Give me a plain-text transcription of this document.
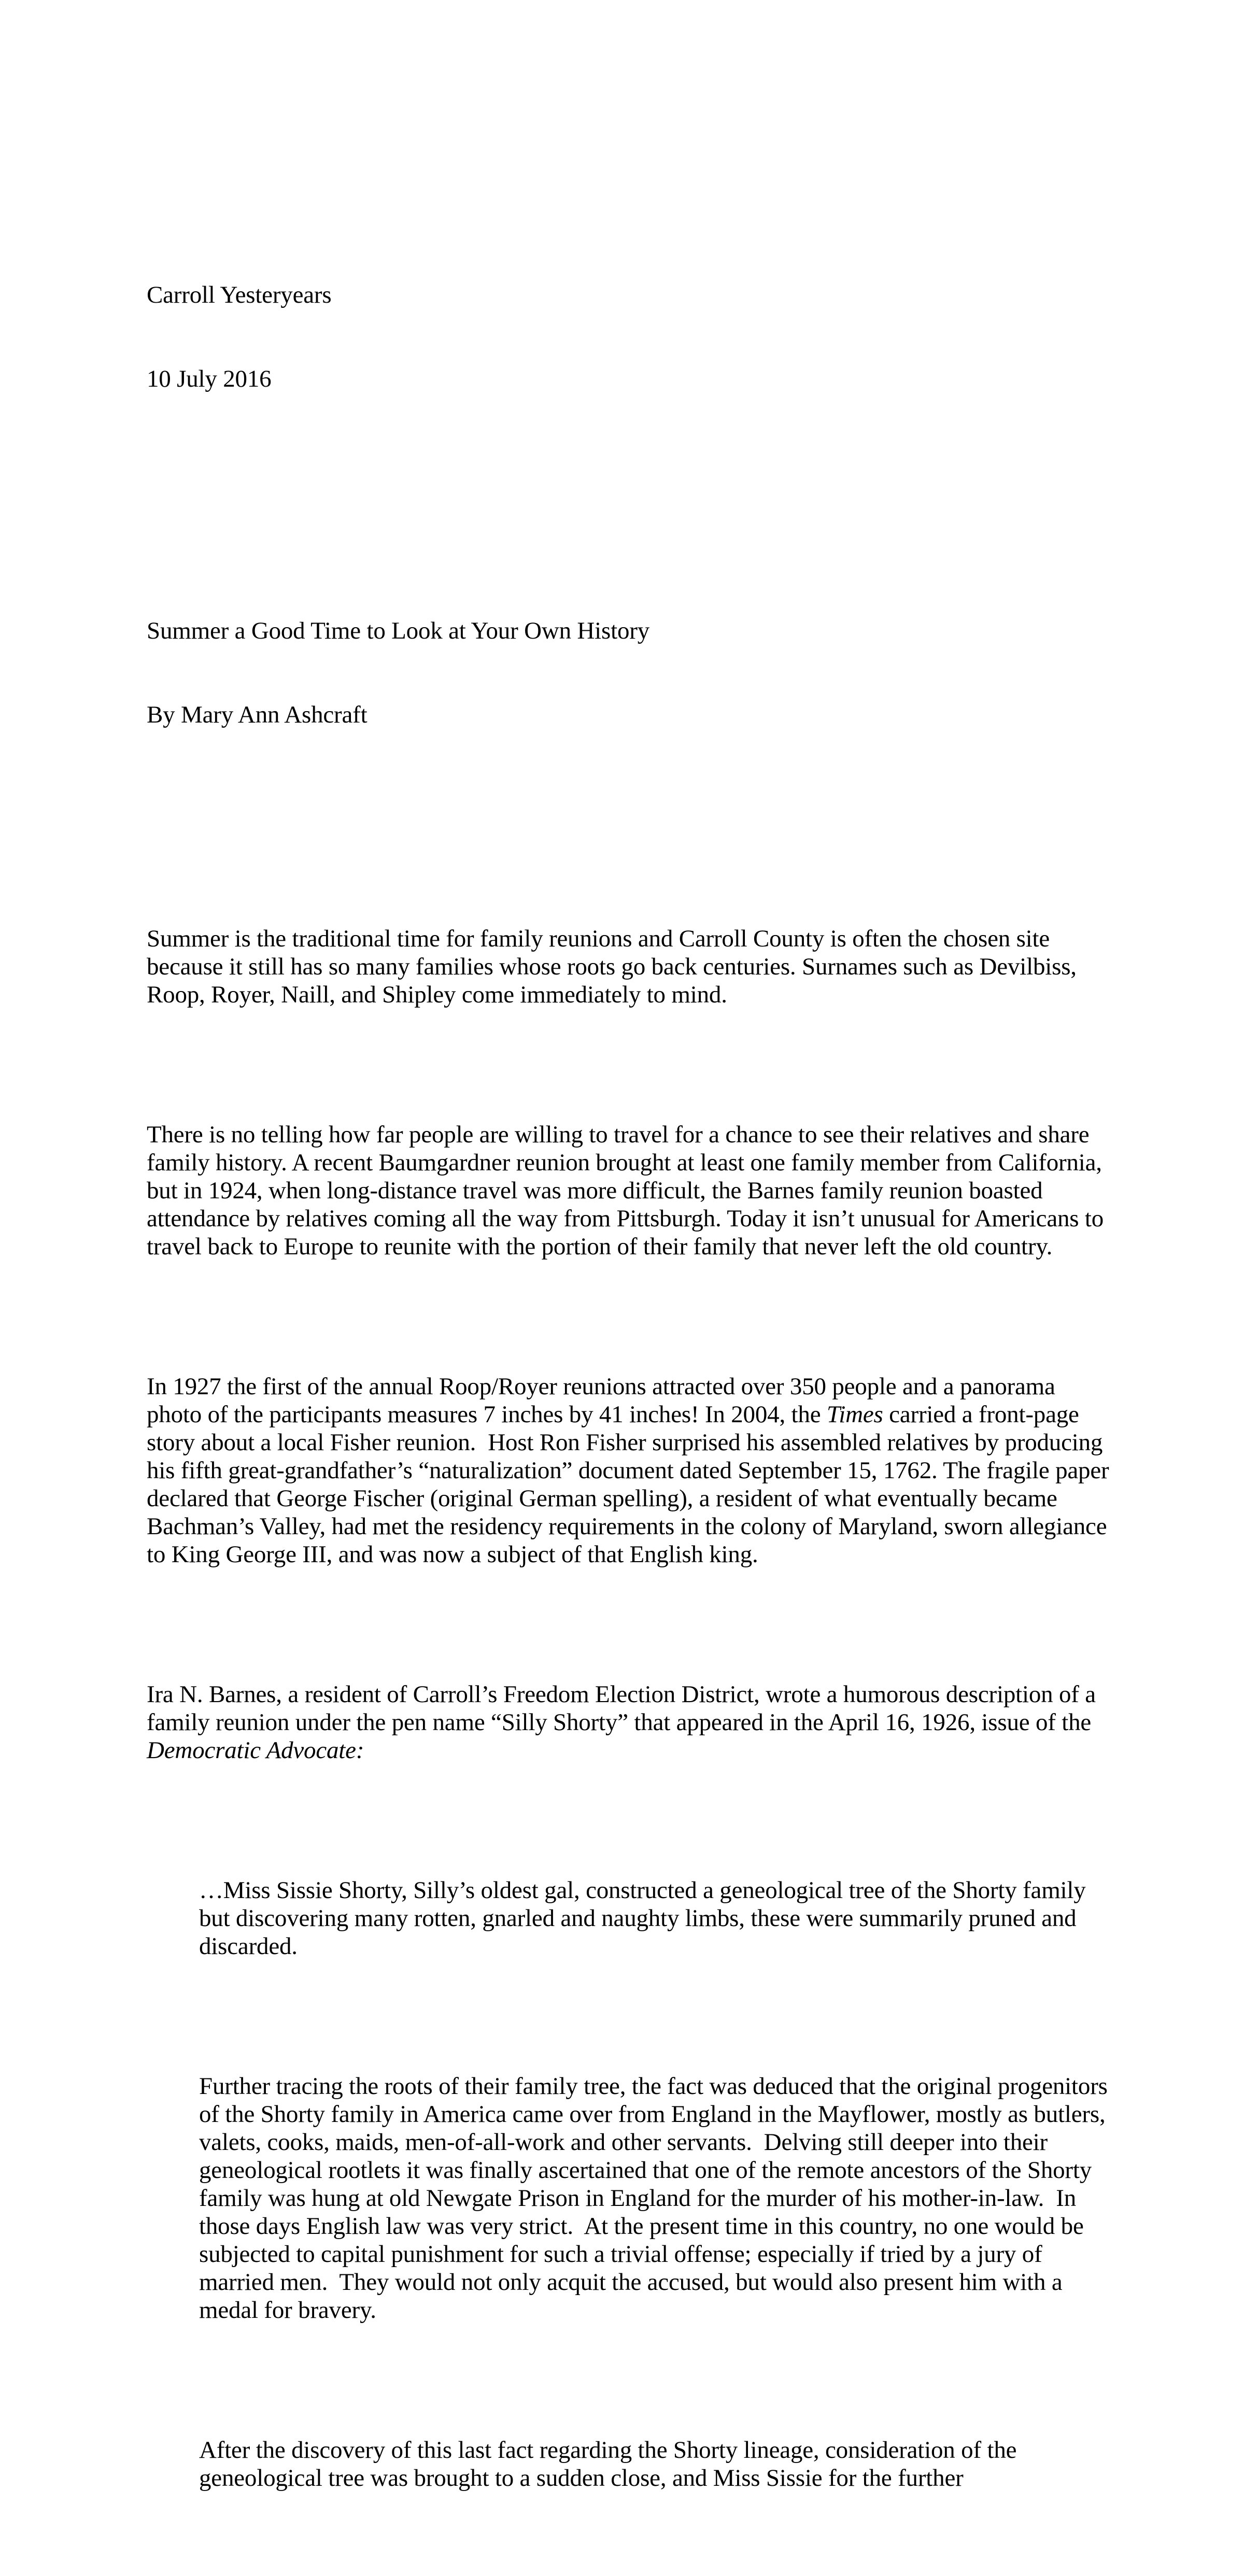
Carroll Yesteryears

10 July 2016

Summer a Good Time to Look at Your Own History

By Mary Ann Ashcraft

Summer is the traditional time for family reunions and Carroll County is often the chosen site because it still has so many families whose roots go back centuries. Surnames such as Devilbiss, Roop, Royer, Naill, and Shipley come immediately to mind.

There is no telling how far people are willing to travel for a chance to see their relatives and share family history. A recent Baumgardner reunion brought at least one family member from California, but in 1924, when long-distance travel was more difficult, the Barnes family reunion boasted attendance by relatives coming all the way from Pittsburgh. Today it isn’t unusual for Americans to travel back to Europe to reunite with the portion of their family that never left the old country.

In 1927 the first of the annual Roop/Royer reunions attracted over 350 people and a panorama photo of the participants measures 7 inches by 41 inches! In 2004, the Times carried a front-page story about a local Fisher reunion.  Host Ron Fisher surprised his assembled relatives by producing his fifth great-grandfather’s “naturalization” document dated September 15, 1762. The fragile paper declared that George Fischer (original German spelling), a resident of what eventually became Bachman’s Valley, had met the residency requirements in the colony of Maryland, sworn allegiance to King George III, and was now a subject of that English king.

Ira N. Barnes, a resident of Carroll’s Freedom Election District, wrote a humorous description of a family reunion under the pen name “Silly Shorty” that appeared in the April 16, 1926, issue of the Democratic Advocate:

…Miss Sissie Shorty, Silly’s oldest gal, constructed a geneological tree of the Shorty family but discovering many rotten, gnarled and naughty limbs, these were summarily pruned and discarded.

Further tracing the roots of their family tree, the fact was deduced that the original progenitors of the Shorty family in America came over from England in the Mayflower, mostly as butlers, valets, cooks, maids, men-of-all-work and other servants.  Delving still deeper into their geneological rootlets it was finally ascertained that one of the remote ancestors of the Shorty family was hung at old Newgate Prison in England for the murder of his mother-in-law.  In those days English law was very strict.  At the present time in this country, no one would be subjected to capital punishment for such a trivial offense; especially if tried by a jury of married men.  They would not only acquit the accused, but would also present him with a medal for bravery.

After the discovery of this last fact regarding the Shorty lineage, consideration of the geneological tree was brought to a sudden close, and Miss Sissie for the further
